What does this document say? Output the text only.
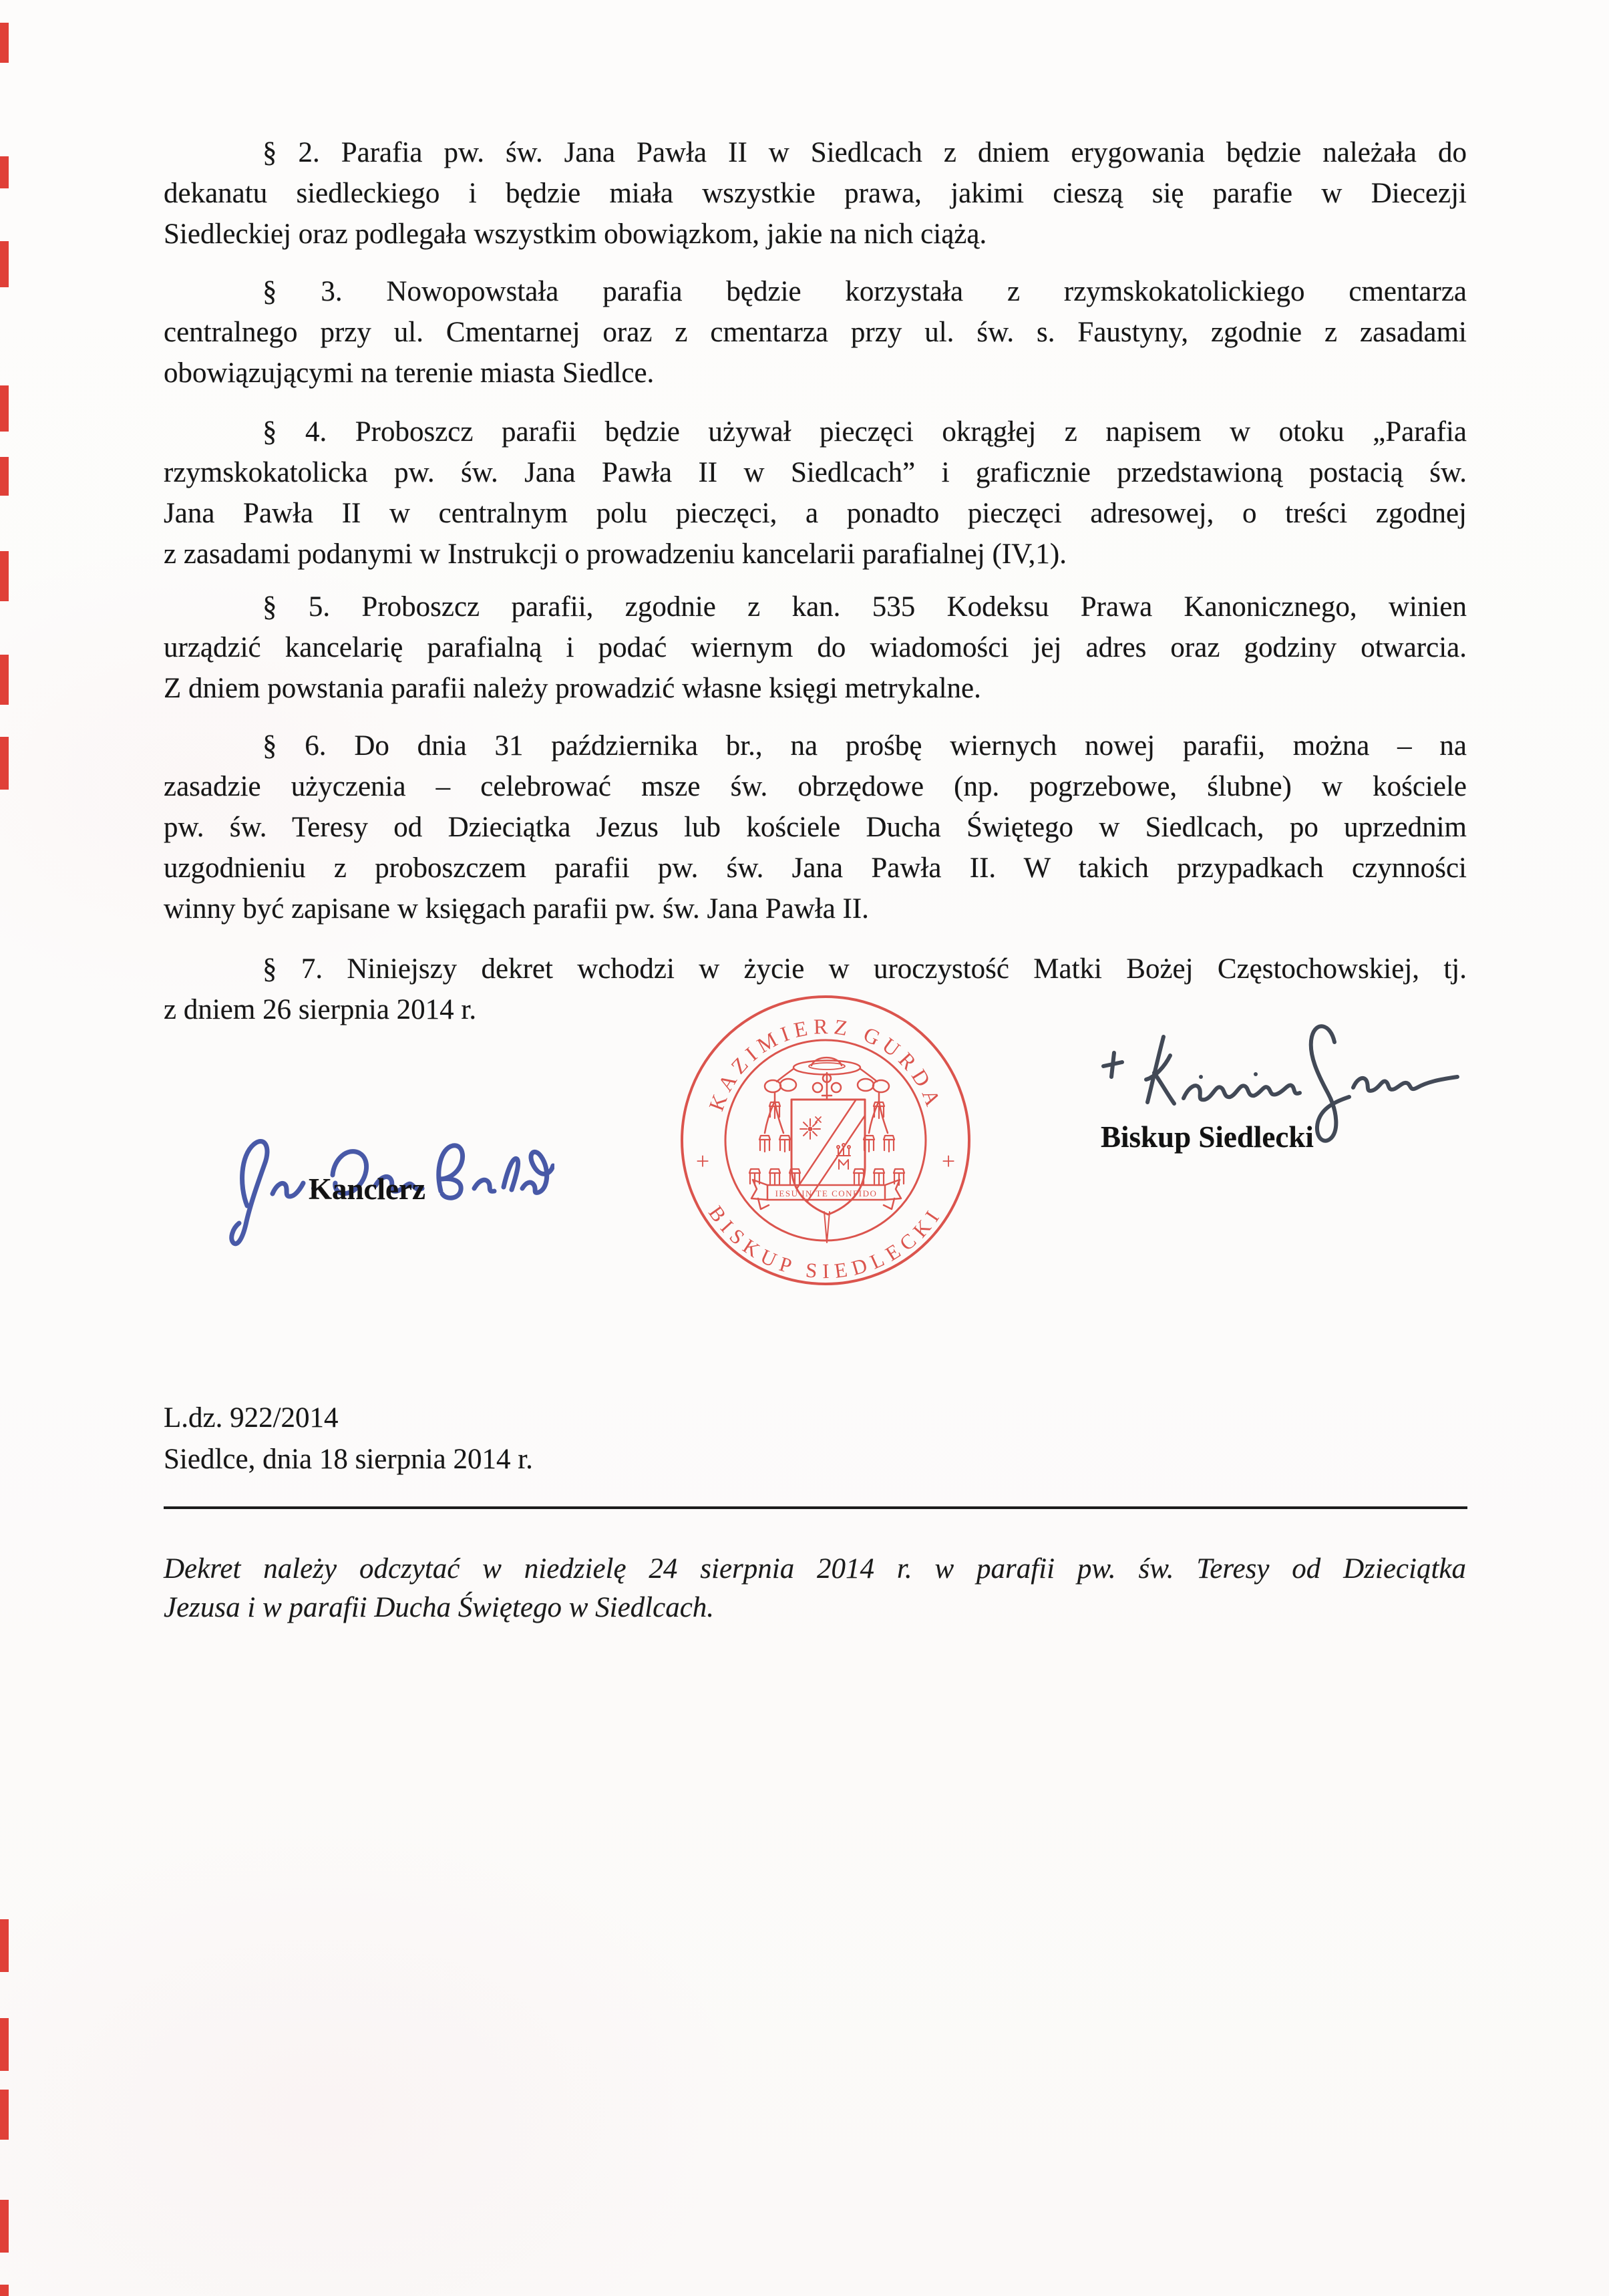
§ 2. Parafia pw. św. Jana Pawła II w Siedlcach z dniem erygowania będzie należała do
dekanatu siedleckiego i będzie miała wszystkie prawa, jakimi cieszą się parafie w Diecezji
Siedleckiej oraz podlegała wszystkim obowiązkom, jakie na nich ciążą.
§ 3. Nowopowstała parafia będzie korzystała z rzymskokatolickiego cmentarza
centralnego przy ul. Cmentarnej oraz z cmentarza przy ul. św. s. Faustyny, zgodnie z zasadami
obowiązującymi na terenie miasta Siedlce.
§ 4. Proboszcz parafii będzie używał pieczęci okrągłej z napisem w otoku „Parafia
rzymskokatolicka pw. św. Jana Pawła II w Siedlcach” i graficznie przedstawioną postacią św.
Jana Pawła II w centralnym polu pieczęci, a ponadto pieczęci adresowej, o treści zgodnej
z zasadami podanymi w Instrukcji o prowadzeniu kancelarii parafialnej (IV,1).
§ 5. Proboszcz parafii, zgodnie z kan. 535 Kodeksu Prawa Kanonicznego, winien
urządzić kancelarię parafialną i podać wiernym do wiadomości jej adres oraz godziny otwarcia.
Z dniem powstania parafii należy prowadzić własne księgi metrykalne.
§ 6. Do dnia 31 października br., na prośbę wiernych nowej parafii, można – na
zasadzie użyczenia – celebrować msze św. obrzędowe (np. pogrzebowe, ślubne) w kościele
pw. św. Teresy od Dzieciątka Jezus lub kościele Ducha Świętego w Siedlcach, po uprzednim
uzgodnieniu z proboszczem parafii pw. św. Jana Pawła II. W takich przypadkach czynności
winny być zapisane w księgach parafii pw. św. Jana Pawła II.
§ 7. Niniejszy dekret wchodzi w życie w uroczystość Matki Bożej Częstochowskiej, tj.
z dniem 26 sierpnia 2014 r.
Kanclerz
Biskup Siedlecki
KAZIMIERZ GURDA
BISKUP SIEDLECKI
+	+
IESU IN TE CONFIDO
L.dz. 922/2014
Siedlce, dnia 18 sierpnia 2014 r.
Dekret należy odczytać w niedzielę 24 sierpnia 2014 r. w parafii pw. św. Teresy od Dzieciątka
Jezusa i w parafii Ducha Świętego w Siedlcach.
